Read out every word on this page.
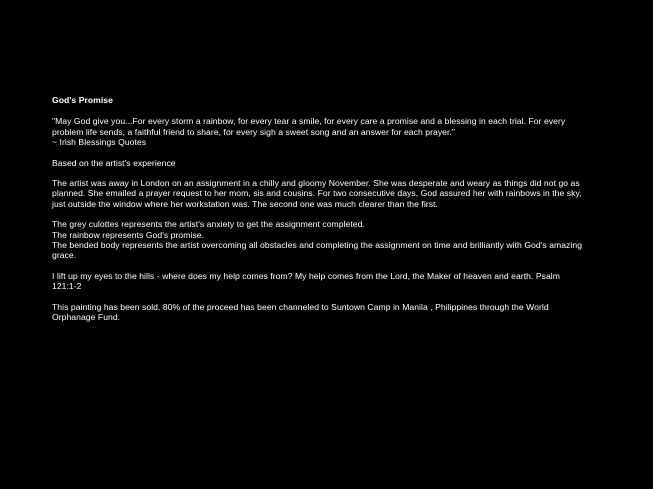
God's Promise
"May God give you...For every storm a rainbow, for every tear a smile, for every care a promise and a blessing in each trial. For every
problem life sends, a faithful friend to share, for every sigh a sweet song and an answer for each prayer."
~ Irish Blessings Quotes
Based on the artist's experience
The artist was away in London on an assignment in a chilly and gloomy November. She was desperate and weary as things did not go as
planned. She emailed a prayer request to her mom, sis and cousins. For two consecutive days, God assured her with rainbows in the sky,
just outside the window where her workstation was. The second one was much clearer than the first.
The grey culottes represents the artist's anxiety to get the assignment completed.
The rainbow represents God's promise.
The bended body represents the artist overcoming all obstacles and completing the assignment on time and brilliantly with God's amazing
grace.
I lift up my eyes to the hills - where does my help comes from? My help comes from the Lord, the Maker of heaven and earth. Psalm
121:1-2
This painting has been sold. 80% of the proceed has been channeled to Suntown Camp in Manila , Philippines through the World
Orphanage Fund.
